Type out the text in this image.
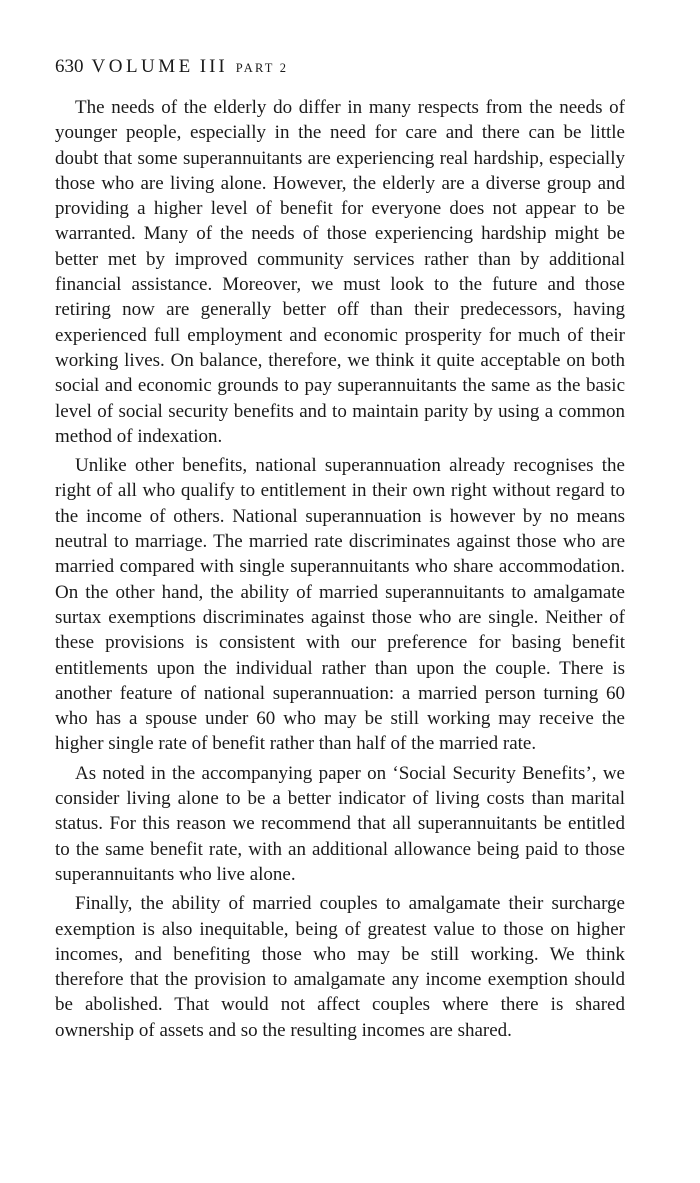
630 VOLUME III PART 2

The needs of the elderly do differ in many respects from the needs of younger people, especially in the need for care and there can be little doubt that some superannuitants are experiencing real hardship, especially those who are living alone. However, the elderly are a diverse group and providing a higher level of benefit for everyone does not appear to be warranted. Many of the needs of those experiencing hardship might be better met by improved community services rather than by additional financial assistance. Moreover, we must look to the future and those retiring now are generally better off than their predecessors, having experienced full employment and economic prosperity for much of their working lives. On balance, therefore, we think it quite acceptable on both social and economic grounds to pay superannuitants the same as the basic level of social security benefits and to maintain parity by using a common method of indexation.

Unlike other benefits, national superannuation already recognises the right of all who qualify to entitlement in their own right without regard to the income of others. National superannuation is however by no means neutral to marriage. The married rate discriminates against those who are married compared with single superannuitants who share accommodation. On the other hand, the ability of married superannuitants to amalgamate surtax exemptions discriminates against those who are single. Neither of these provisions is consistent with our preference for basing benefit entitlements upon the individual rather than upon the couple. There is another feature of national superannuation: a married person turning 60 who has a spouse under 60 who may be still working may receive the higher single rate of benefit rather than half of the married rate.

As noted in the accompanying paper on ‘Social Security Benefits’, we consider living alone to be a better indicator of living costs than marital status. For this reason we recommend that all superannuitants be entitled to the same benefit rate, with an additional allowance being paid to those superannuitants who live alone.

Finally, the ability of married couples to amalgamate their surcharge exemption is also inequitable, being of greatest value to those on higher incomes, and benefiting those who may be still working. We think therefore that the provision to amalgamate any income exemption should be abolished. That would not affect couples where there is shared ownership of assets and so the resulting incomes are shared.
